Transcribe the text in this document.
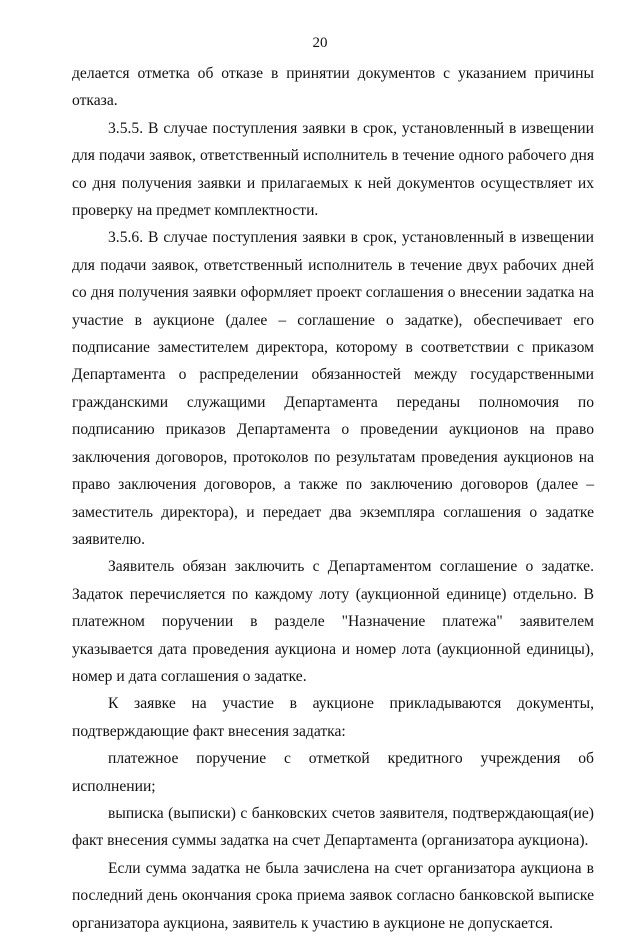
20

делается отметка об отказе в принятии документов с указанием причины отказа.

3.5.5. В случае поступления заявки в срок, установленный в извещении для подачи заявок, ответственный исполнитель в течение одного рабочего дня со дня получения заявки и прилагаемых к ней документов осуществляет их проверку на предмет комплектности.

3.5.6. В случае поступления заявки в срок, установленный в извещении для подачи заявок, ответственный исполнитель в течение двух рабочих дней со дня получения заявки оформляет проект соглашения о внесении задатка на участие в аукционе (далее – соглашение о задатке), обеспечивает его подписание заместителем директора, которому в соответствии с приказом Департамента о распределении обязанностей между государственными гражданскими служащими Департамента переданы полномочия по подписанию приказов Департамента о проведении аукционов на право заключения договоров, протоколов по результатам проведения аукционов на право заключения договоров, а также по заключению договоров (далее – заместитель директора), и передает два экземпляра соглашения о задатке заявителю.

Заявитель обязан заключить с Департаментом соглашение о задатке. Задаток перечисляется по каждому лоту (аукционной единице) отдельно. В платежном поручении в разделе "Назначение платежа" заявителем указывается дата проведения аукциона и номер лота (аукционной единицы), номер и дата соглашения о задатке.

К заявке на участие в аукционе прикладываются документы, подтверждающие факт внесения задатка:

платежное поручение с отметкой кредитного учреждения об исполнении;

выписка (выписки) с банковских счетов заявителя, подтверждающая(ие) факт внесения суммы задатка на счет Департамента (организатора аукциона).

Если сумма задатка не была зачислена на счет организатора аукциона в последний день окончания срока приема заявок согласно банковской выписке организатора аукциона, заявитель к участию в аукционе не допускается.
